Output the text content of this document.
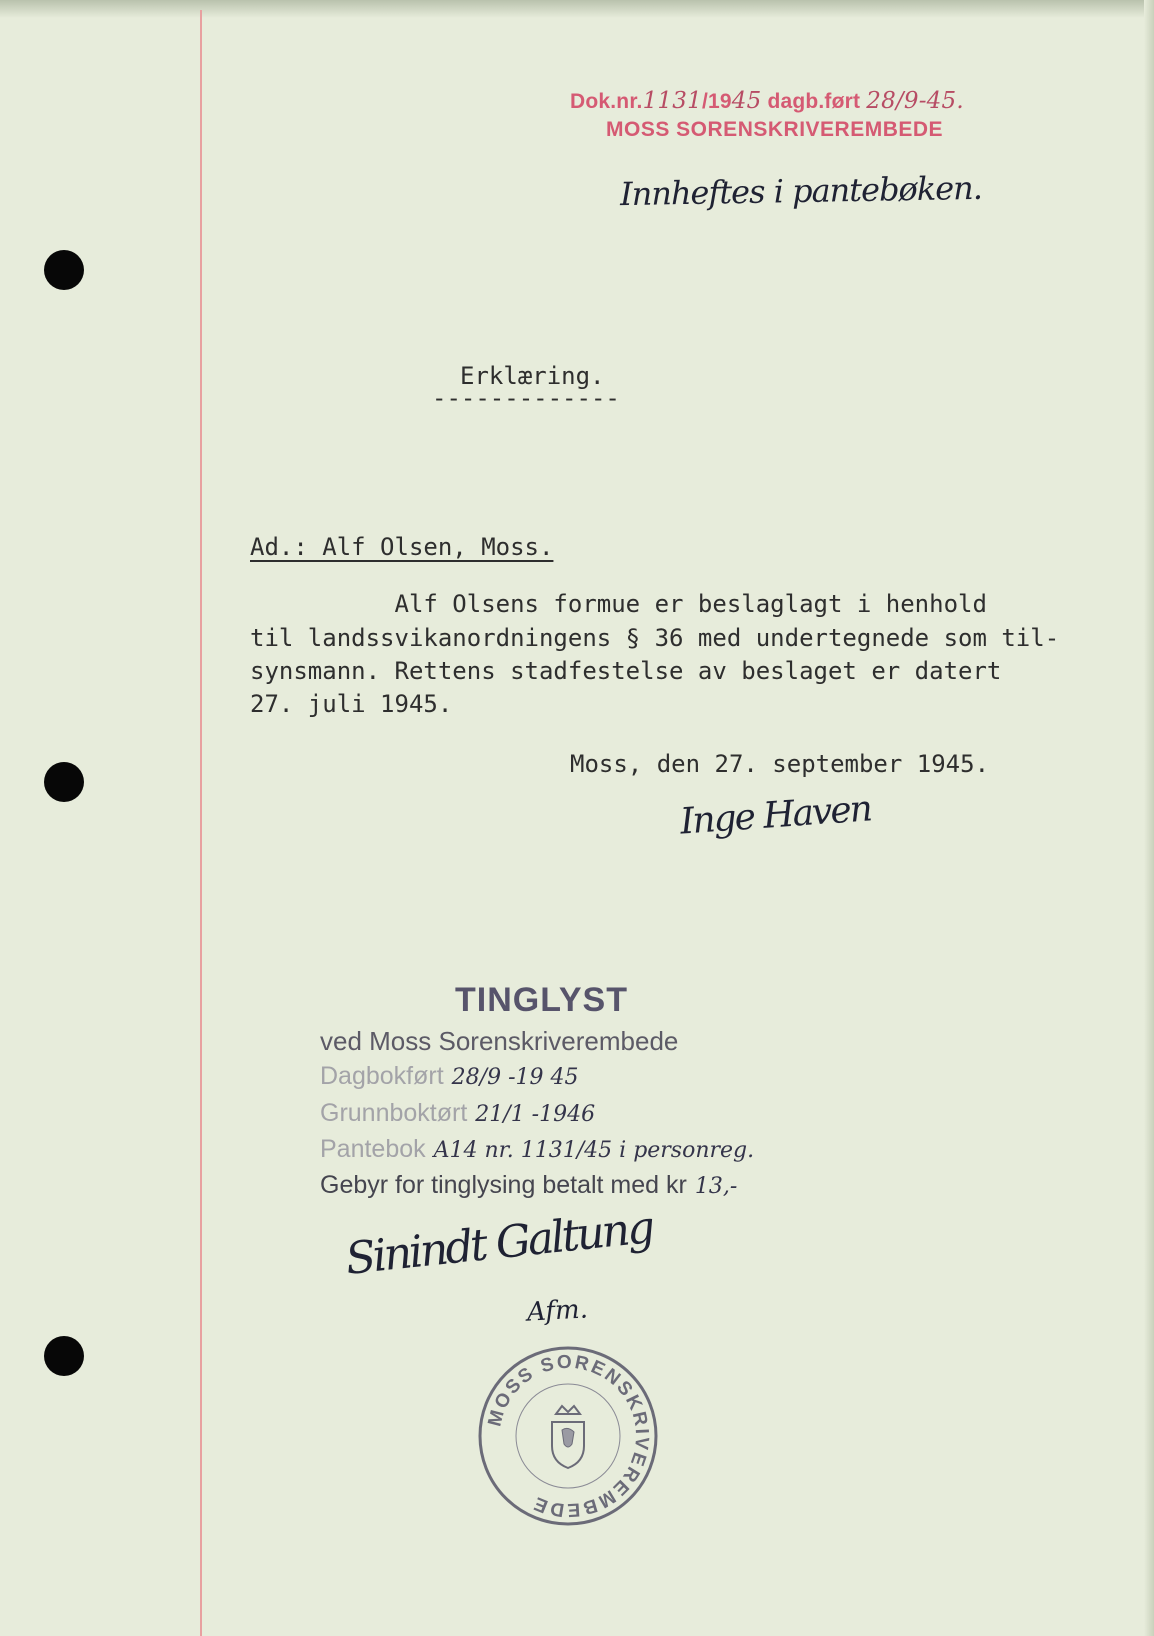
Dok.nr.1131/1945 dagb.ført 28/9-45.
MOSS SORENSKRIVEREMBEDE
Innheftes i pantebøken.
Erklæring.
-------------
Ad.: Alf Olsen, Moss.
Alf Olsens formue er beslaglagt i henhold
til landssvikanordningens § 36 med undertegnede som til-
synsmann. Rettens stadfestelse av beslaget er datert
27. juli 1945.
Moss, den 27. september 1945.
Inge Haven
TINGLYST
ved Moss Sorenskriverembede
Dagbokført 28/9 -19 45
Grunnboktørt 21/1 -1946
Pantebok A14 nr. 1131/45 i personreg.
Gebyr for tinglysing betalt med kr 13,-
Sinindt Galtung
Afm.
MOSS SORENSKRIVEREMBEDE
